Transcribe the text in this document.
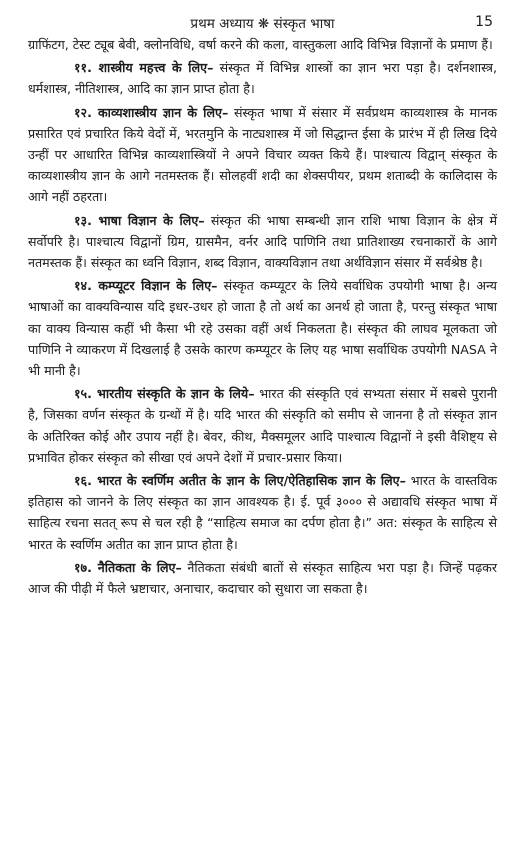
प्रथम अध्याय ❋ संस्कृत भाषा	15

ग्राफिंटग, टेस्ट ट्यूब बेवी, क्लोनविधि, वर्षा करने की कला, वास्तुकला आदि विभिन्न विज्ञानों के प्रमाण हैं।

११. शास्त्रीय महत्त्व के लिए– संस्कृत में विभिन्न शास्त्रों का ज्ञान भरा पड़ा है। दर्शनशास्त्र, धर्मशास्त्र, नीतिशास्त्र, आदि का ज्ञान प्राप्त होता है।

१२. काव्यशास्त्रीय ज्ञान के लिए– संस्कृत भाषा में संसार में सर्वप्रथम काव्यशास्त्र के मानक प्रसारित एवं प्रचारित किये वेदों में, भरतमुनि के नाट्यशास्त्र में जो सिद्धान्त ईसा के प्रारंभ में ही लिख दिये उन्हीं पर आधारित विभिन्न काव्यशास्त्रियों ने अपने विचार व्यक्त किये हैं। पाश्चात्य विद्वान् संस्कृत के काव्यशास्त्रीय ज्ञान के आगे नतमस्तक हैं। सोलहवीं शदी का शेक्सपीयर, प्रथम शताब्दी के कालिदास के आगे नहीं ठहरता।

१३. भाषा विज्ञान के लिए– संस्कृत की भाषा सम्बन्धी ज्ञान राशि भाषा विज्ञान के क्षेत्र में सर्वोपरि है। पाश्चात्य विद्वानों ग्रिम, ग्रासमैन, वर्नर आदि पाणिनि तथा प्रातिशाख्य रचनाकारों के आगे नतमस्तक हैं। संस्कृत का ध्वनि विज्ञान, शब्द विज्ञान, वाक्यविज्ञान तथा अर्थविज्ञान संसार में सर्वश्रेष्ठ है।

१४. कम्प्यूटर विज्ञान के लिए– संस्कृत कम्प्यूटर के लिये सर्वाधिक उपयोगी भाषा है। अन्य भाषाओं का वाक्यविन्यास यदि इधर-उधर हो जाता है तो अर्थ का अनर्थ हो जाता है, परन्तु संस्कृत भाषा का वाक्य विन्यास कहीं भी कैसा भी रहे उसका वहीं अर्थ निकलता है। संस्कृत की लाघव मूलकता जो पाणिनि ने व्याकरण में दिखलाई है उसके कारण कम्प्यूटर के लिए यह भाषा सर्वाधिक उपयोगी NASA ने भी मानी है।

१५. भारतीय संस्कृति के ज्ञान के लिये– भारत की संस्कृति एवं सभ्यता संसार में सबसे पुरानी है, जिसका वर्णन संस्कृत के ग्रन्थों में है। यदि भारत की संस्कृति को समीप से जानना है तो संस्कृत ज्ञान के अतिरिक्त कोई और उपाय नहीं है। बेवर, कीथ, मैक्समूलर आदि पाश्चात्य विद्वानों ने इसी वैशिष्ट्य से प्रभावित होकर संस्कृत को सीखा एवं अपने देशों में प्रचार-प्रसार किया।

१६. भारत के स्वर्णिम अतीत के ज्ञान के लिए/ऐतिहासिक ज्ञान के लिए– भारत के वास्तविक इतिहास को जानने के लिए संस्कृत का ज्ञान आवश्यक है। ई. पूर्व ३००० से अद्यावधि संस्कृत भाषा में साहित्य रचना सतत् रूप से चल रही है “साहित्य समाज का दर्पण होता है।” अत: संस्कृत के साहित्य से भारत के स्वर्णिम अतीत का ज्ञान प्राप्त होता है।

१७. नैतिकता के लिए– नैतिकता संबंधी बातों से संस्कृत साहित्य भरा पड़ा है। जिन्हें पढ़कर आज की पीढ़ी में फैले भ्रष्टाचार, अनाचार, कदाचार को सुधारा जा सकता है।
